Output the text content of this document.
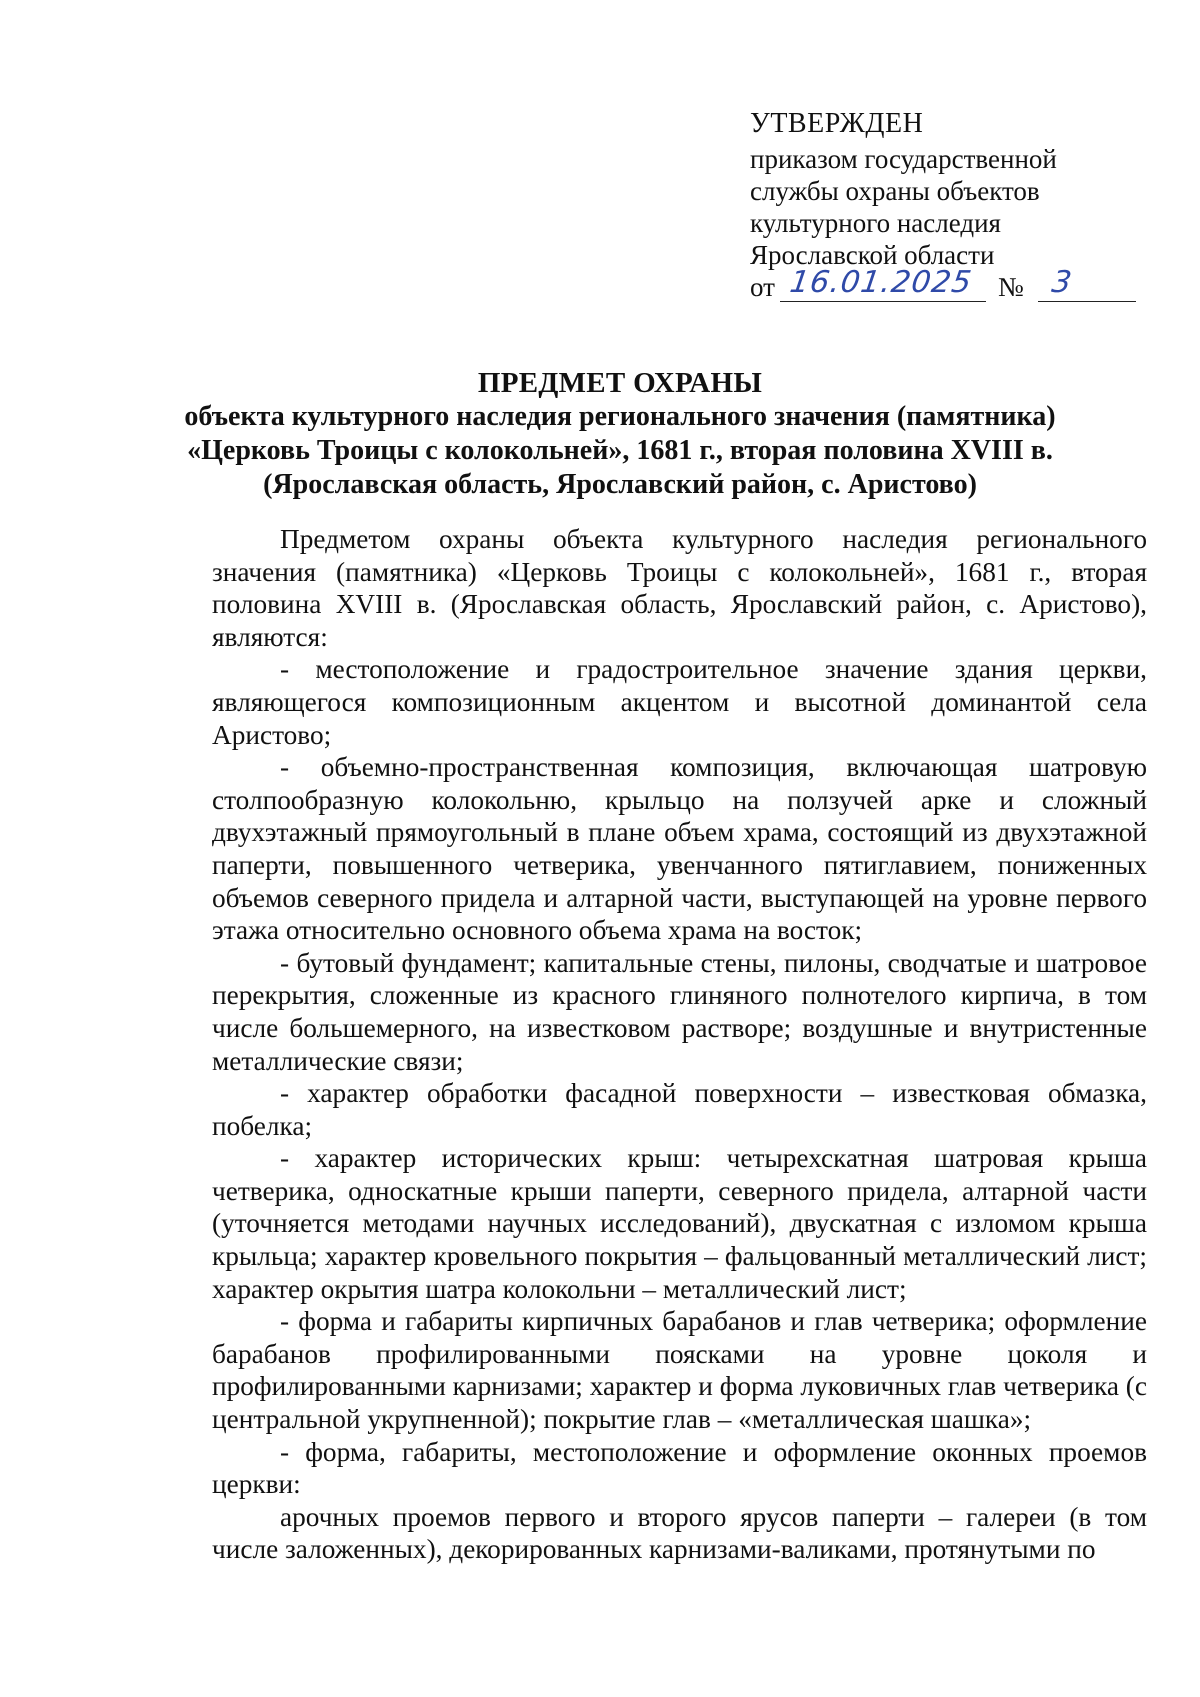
УТВЕРЖДЕН
приказом государственной
службы охраны объектов
культурного наследия
Ярославской области
от 16.01.2025 № 3
ПРЕДМЕТ ОХРАНЫ
объекта культурного наследия регионального значения (памятника)
«Церковь Троицы с колокольней», 1681 г., вторая половина XVIII в.
(Ярославская область, Ярославский район, с. Аристово)

Предметом охраны объекта культурного наследия регионального значения (памятника) «Церковь Троицы с колокольней», 1681 г., вторая половина XVIII в. (Ярославская область, Ярославский район, с. Аристово), являются:

- местоположение и градостроительное значение здания церкви, являющегося композиционным акцентом и высотной доминантой села Аристово;

- объемно-пространственная композиция, включающая шатровую столпообразную колокольню, крыльцо на ползучей арке и сложный двухэтажный прямоугольный в плане объем храма, состоящий из двухэтажной паперти, повышенного четверика, увенчанного пятиглавием, пониженных объемов северного придела и алтарной части, выступающей на уровне первого этажа относительно основного объема храма на восток;

- бутовый фундамент; капитальные стены, пилоны, сводчатые и шатровое перекрытия, сложенные из красного глиняного полнотелого кирпича, в том числе большемерного, на известковом растворе; воздушные и внутристенные металлические связи;

- характер обработки фасадной поверхности – известковая обмазка, побелка;

- характер исторических крыш: четырехскатная шатровая крыша четверика, односкатные крыши паперти, северного придела, алтарной части (уточняется методами научных исследований), двускатная с изломом крыша крыльца; характер кровельного покрытия – фальцованный металлический лист; характер окрытия шатра колокольни – металлический лист;

- форма и габариты кирпичных барабанов и глав четверика; оформление барабанов профилированными поясками на уровне цоколя и профилированными карнизами; характер и форма луковичных глав четверика (с центральной укрупненной); покрытие глав – «металлическая шашка»;

- форма, габариты, местоположение и оформление оконных проемов церкви:

арочных проемов первого и второго ярусов паперти – галереи (в том числе заложенных), декорированных карнизами-валиками, протянутыми по
